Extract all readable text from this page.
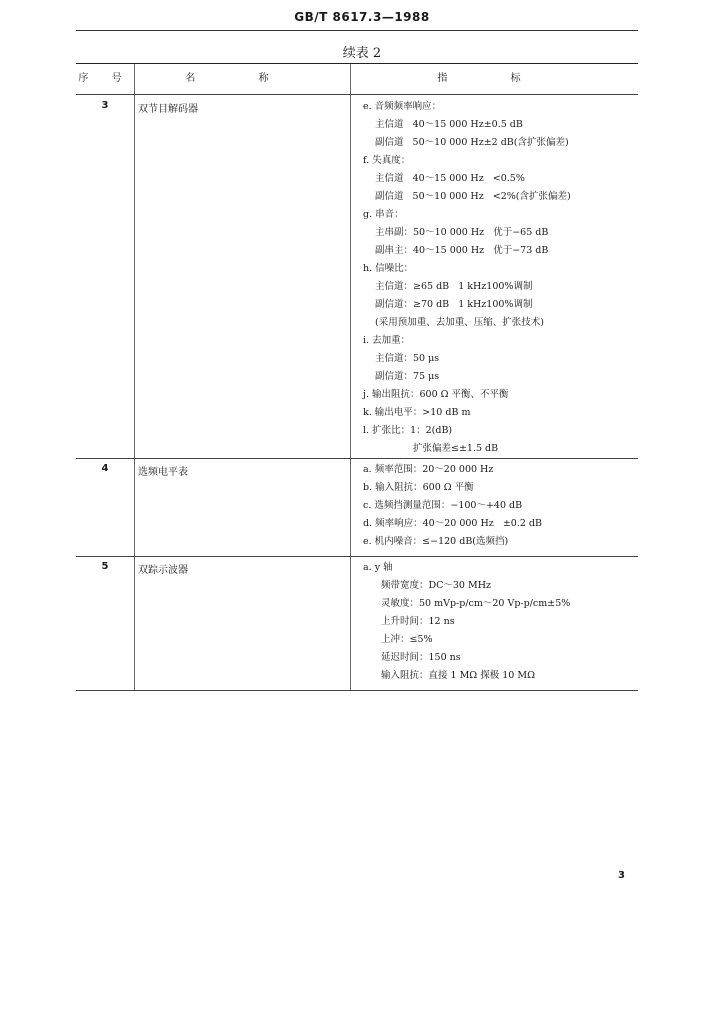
GB/T 8617.3—1988
续表 2
序 号	名 称	指 标
3	双节目解码器	e. 音频频率响应：
主信道   40～15 000 Hz±0.5 dB
副信道   50～10 000 Hz±2 dB(含扩张偏差)
f. 失真度：
主信道   40～15 000 Hz   <0.5%
副信道   50～10 000 Hz   <2%(含扩张偏差)
g. 串音：
主串副：50～10 000 Hz   优于−65 dB
副串主：40～15 000 Hz   优于−73 dB
h. 信噪比：
主信道：≥65 dB   1 kHz100%调制
副信道：≥70 dB   1 kHz100%调制
(采用预加重、去加重、压缩、扩张技术)
i. 去加重：
主信道：50 μs
副信道：75 μs
j. 输出阻抗：600 Ω 平衡、不平衡
k. 输出电平：>10 dB m
l. 扩张比：1：2(dB)
扩张偏差≤±1.5 dB
4	选频电平表	a. 频率范围：20～20 000 Hz
b. 输入阻抗：600 Ω 平衡
c. 选频挡测量范围：−100～+40 dB
d. 频率响应：40～20 000 Hz   ±0.2 dB
e. 机内噪音：≤−120 dB(选频挡)
5	双踪示波器	a. y 轴
频带宽度：DC～30 MHz
灵敏度：50 mVp-p/cm～20 Vp-p/cm±5%
上升时间：12 ns
上冲：≤5%
延迟时间：150 ns
输入阻抗：直接 1 MΩ 探极 10 MΩ
3
